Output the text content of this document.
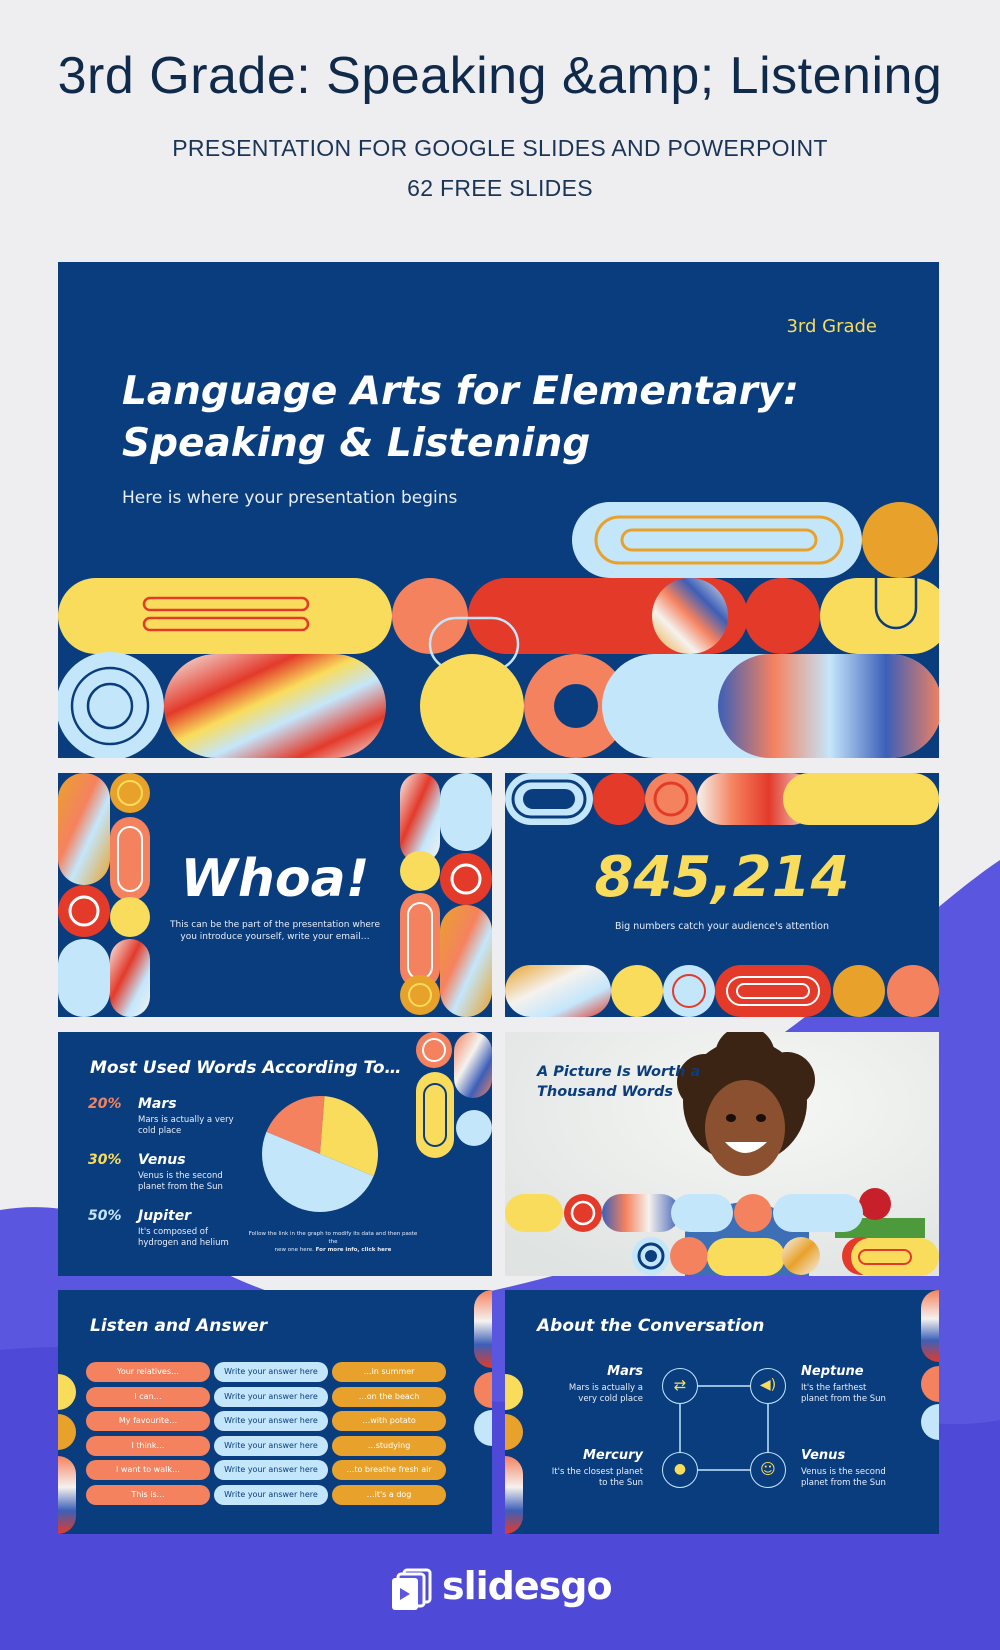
3rd Grade: Speaking &amp; Listening
PRESENTATION FOR GOOGLE SLIDES AND POWERPOINT
62 FREE SLIDES
3rd Grade
Language Arts for Elementary:
Speaking & Listening
Here is where your presentation begins
Whoa!
This can be the part of the presentation where
you introduce yourself, write your email…
845,214
Big numbers catch your audience's attention
Most Used Words According To…
20% Mars
Mars is actually a very
cold place
30% Venus
Venus is the second
planet from the Sun
50% Jupiter
It's composed of
hydrogen and helium
Follow the link in the graph to modify its data and then paste the
new one here. For more info, click here
A Picture Is Worth a
Thousand Words
Listen and Answer
Your relatives…	Write your answer here	…in summer
I can…	Write your answer here	…on the beach
My favourite…	Write your answer here	…with potato
I think…	Write your answer here	…studying
I want to walk…	Write your answer here	…to breathe fresh air
This is…	Write your answer here	…it's a dog
About the Conversation
Mars
Mars is actually a
very cold place
⇄
Neptune
It's the farthest
planet from the Sun
◀)
Mercury
It's the closest planet
to the Sun
●
Venus
Venus is the second
planet from the Sun
☺
slidesgo
